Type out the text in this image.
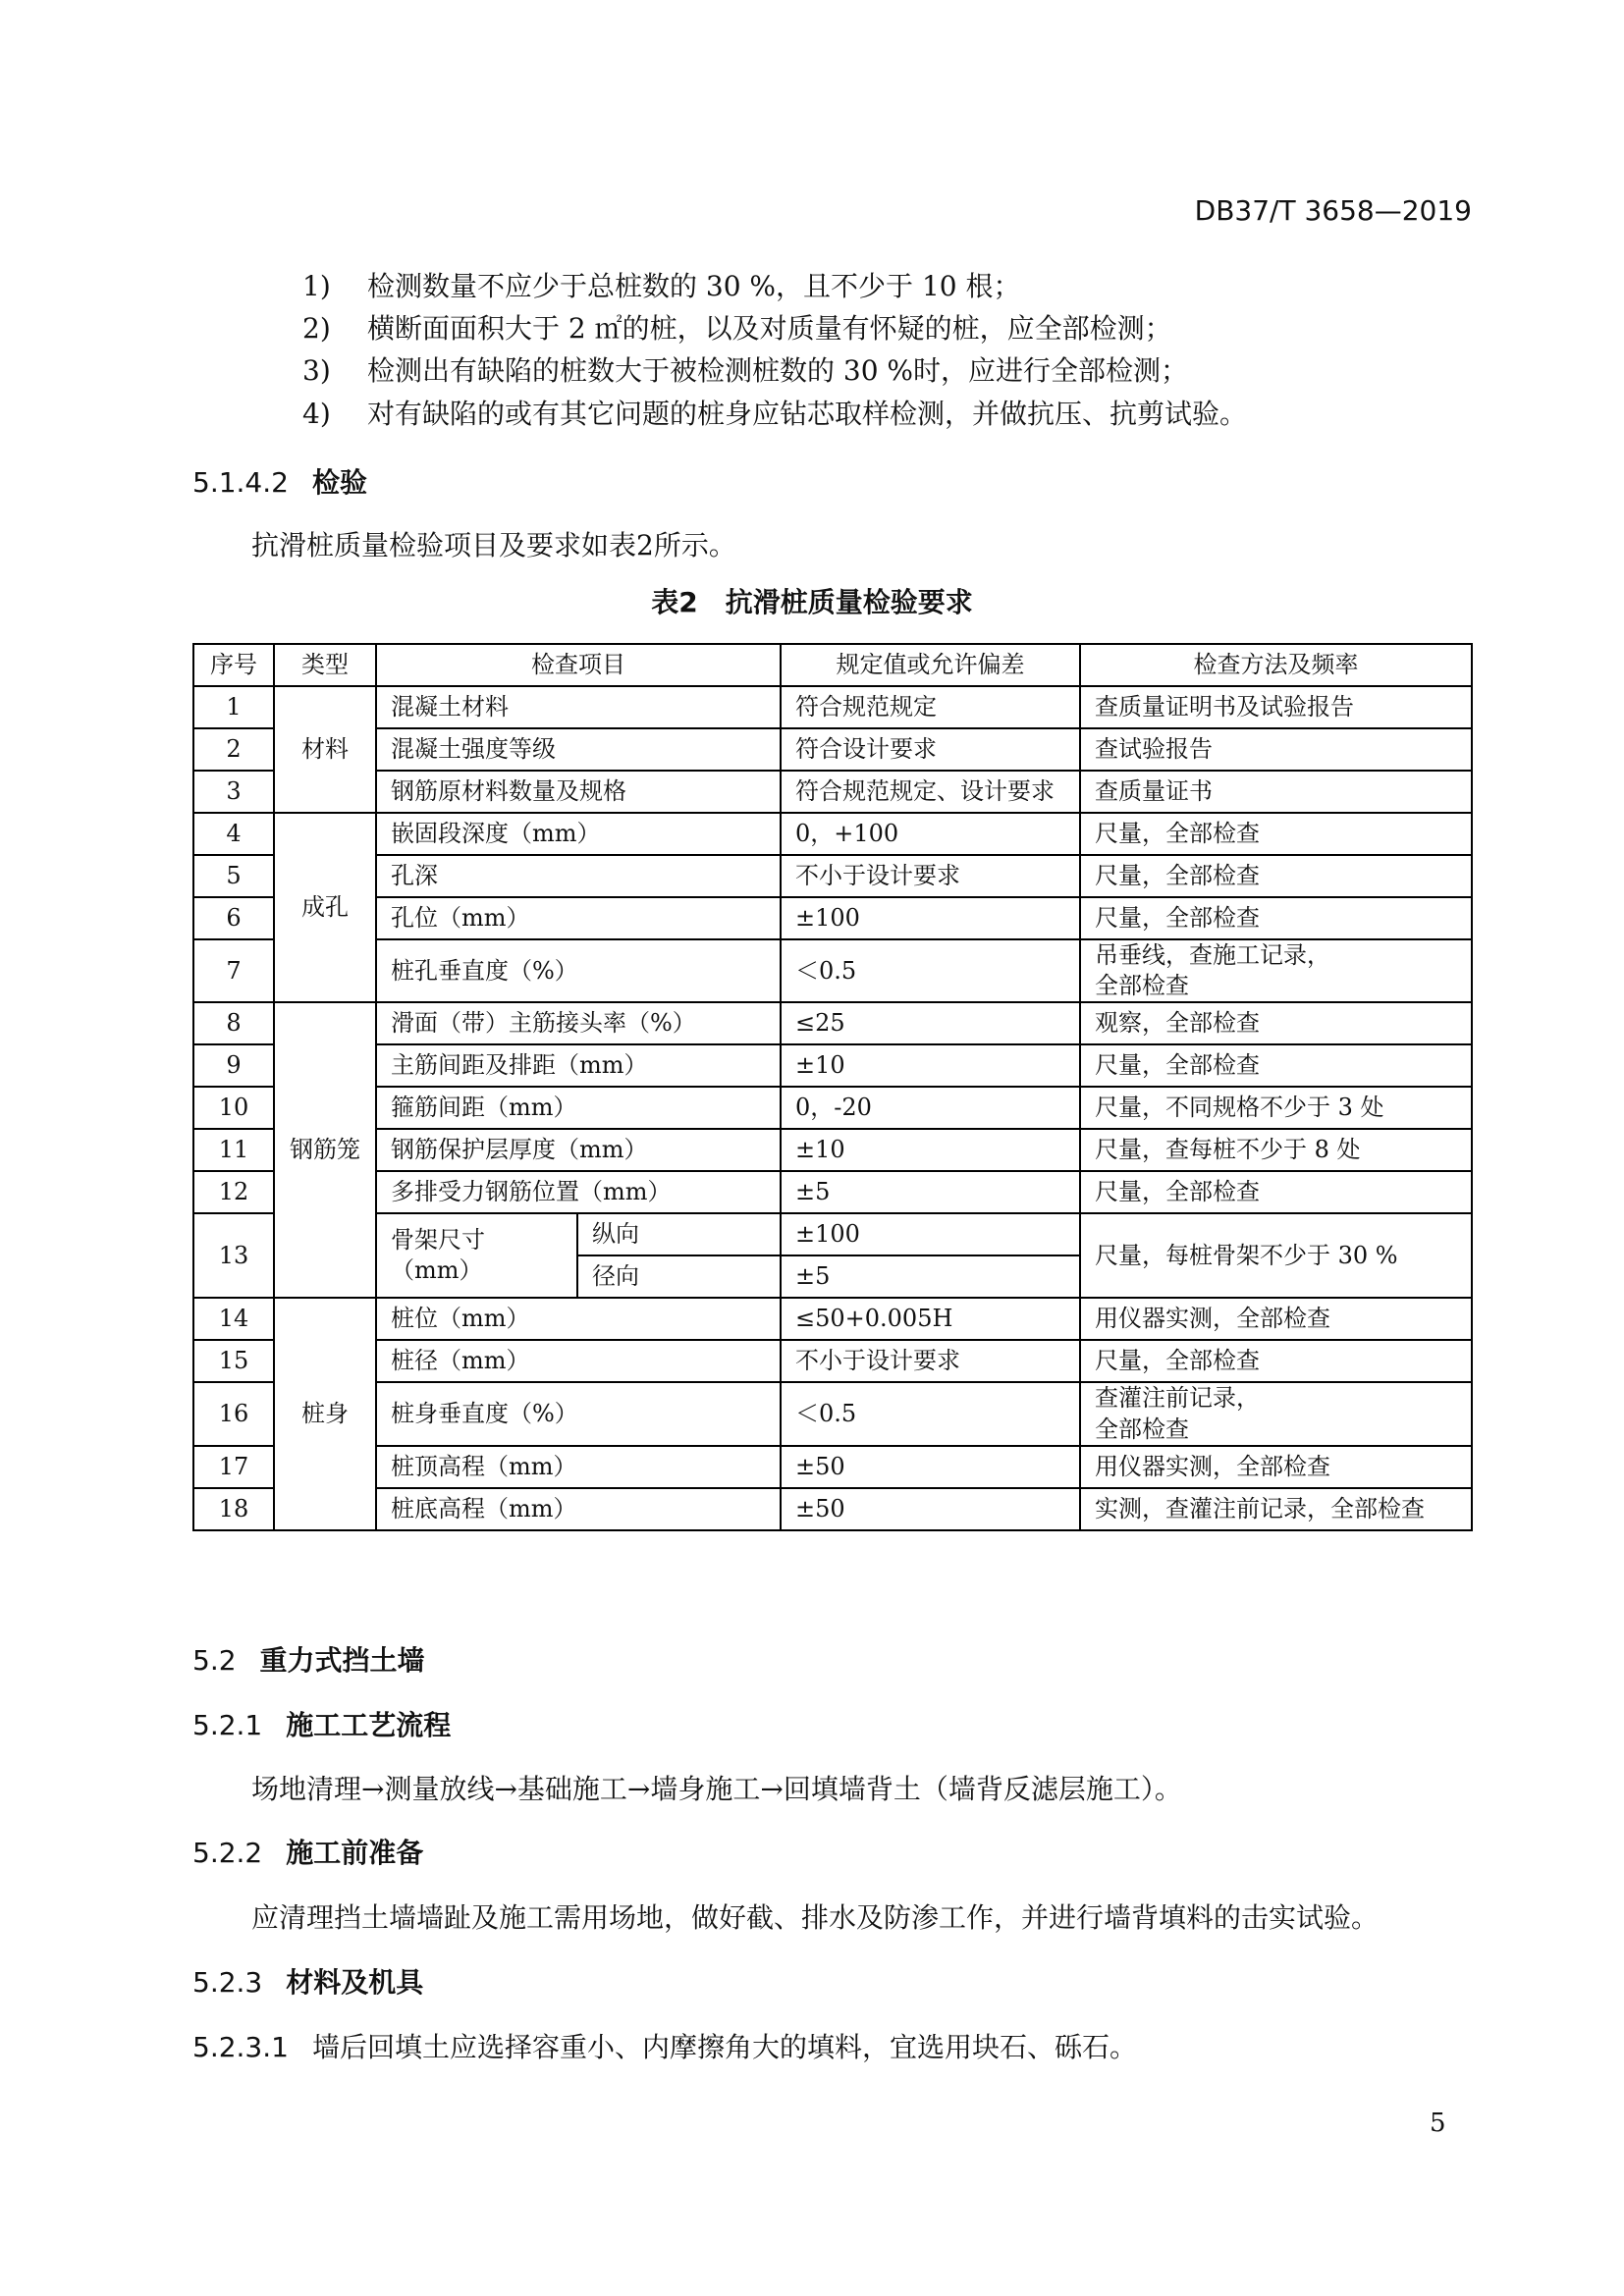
DB37/T 3658—2019
1) 检测数量不应少于总桩数的 30 %，且不少于 10 根；
2) 横断面面积大于 2 ㎡的桩，以及对质量有怀疑的桩，应全部检测；
3) 检测出有缺陷的桩数大于被检测桩数的 30 %时，应进行全部检测；
4) 对有缺陷的或有其它问题的桩身应钻芯取样检测，并做抗压、抗剪试验。
5.1.4.2 检验
抗滑桩质量检验项目及要求如表2所示。
表2　抗滑桩质量检验要求
序号	类型	检查项目		规定值或允许偏差	检查方法及频率
1	材料	混凝土材料		符合规范规定	查质量证明书及试验报告
2		混凝土强度等级		符合设计要求	查试验报告
3		钢筋原材料数量及规格		符合规范规定、设计要求	查质量证书
4	成孔	嵌固段深度（mm）		0，+100	尺量，全部检查
5		孔深		不小于设计要求	尺量，全部检查
6		孔位（mm）		±100	尺量，全部检查
7		桩孔垂直度（%）		＜0.5	吊垂线，查施工记录，
全部检查
8	钢筋笼	滑面（带）主筋接头率（%）		≤25	观察，全部检查
9		主筋间距及排距（mm）		±10	尺量，全部检查
10		箍筋间距（mm）		0，-20	尺量，不同规格不少于 3 处
11		钢筋保护层厚度（mm）		±10	尺量，查每桩不少于 8 处
12		多排受力钢筋位置（mm）		±5	尺量，全部检查
13		骨架尺寸（mm）	纵向	±100	尺量，每桩骨架不少于 30 %
			径向	±5	
14	桩身	桩位（mm）		≤50+0.005H	用仪器实测，全部检查
15		桩径（mm）		不小于设计要求	尺量，全部检查
16		桩身垂直度（%）		＜0.5	查灌注前记录，
全部检查
17		桩顶高程（mm）		±50	用仪器实测，全部检查
18		桩底高程（mm）		±50	实测，查灌注前记录，全部检查
5.2 重力式挡土墙
5.2.1 施工工艺流程
场地清理→测量放线→基础施工→墙身施工→回填墙背土（墙背反滤层施工）。
5.2.2 施工前准备
应清理挡土墙墙趾及施工需用场地，做好截、排水及防渗工作，并进行墙背填料的击实试验。
5.2.3 材料及机具
5.2.3.1 墙后回填土应选择容重小、内摩擦角大的填料，宜选用块石、砾石。
5
